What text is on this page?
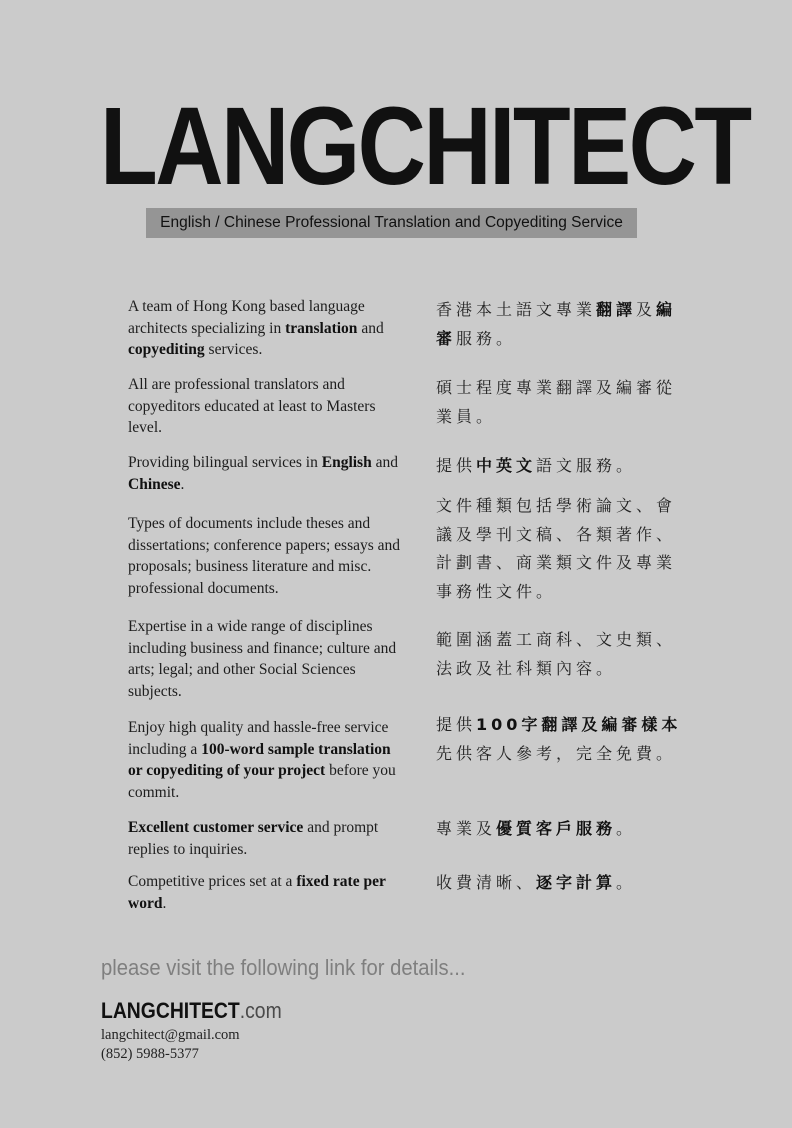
LANGCHITECT
English / Chinese Professional Translation and Copyediting Service
A team of Hong Kong based language architects specializing in translation and copyediting services.
香港本土語文專業翻譯及編審服務。
All are professional translators and copyeditors educated at least to Masters level.
碩士程度專業翻譯及編審從業員。
Providing bilingual services in English and Chinese.
提供中英文語文服務。
Types of documents include theses and dissertations; conference papers; essays and proposals; business literature and misc. professional documents.
文件種類包括學術論文、會議及學刊文稿、各類著作、計劃書、商業類文件及專業事務性文件。
Expertise in a wide range of disciplines including business and finance; culture and arts; legal; and other Social Sciences subjects.
範圍涵蓋工商科、文史類、法政及社科類內容。
Enjoy high quality and hassle-free service including a 100-word sample translation or copyediting of your project before you commit.
提供100字翻譯及編審樣本先供客人參考，完全免費。
Excellent customer service and prompt replies to inquiries.
專業及優質客戶服務。
Competitive prices set at a fixed rate per word.
收費清晰、逐字計算。
please visit the following link for details...
LANGCHITECT.com
langchitect@gmail.com
(852) 5988-5377
